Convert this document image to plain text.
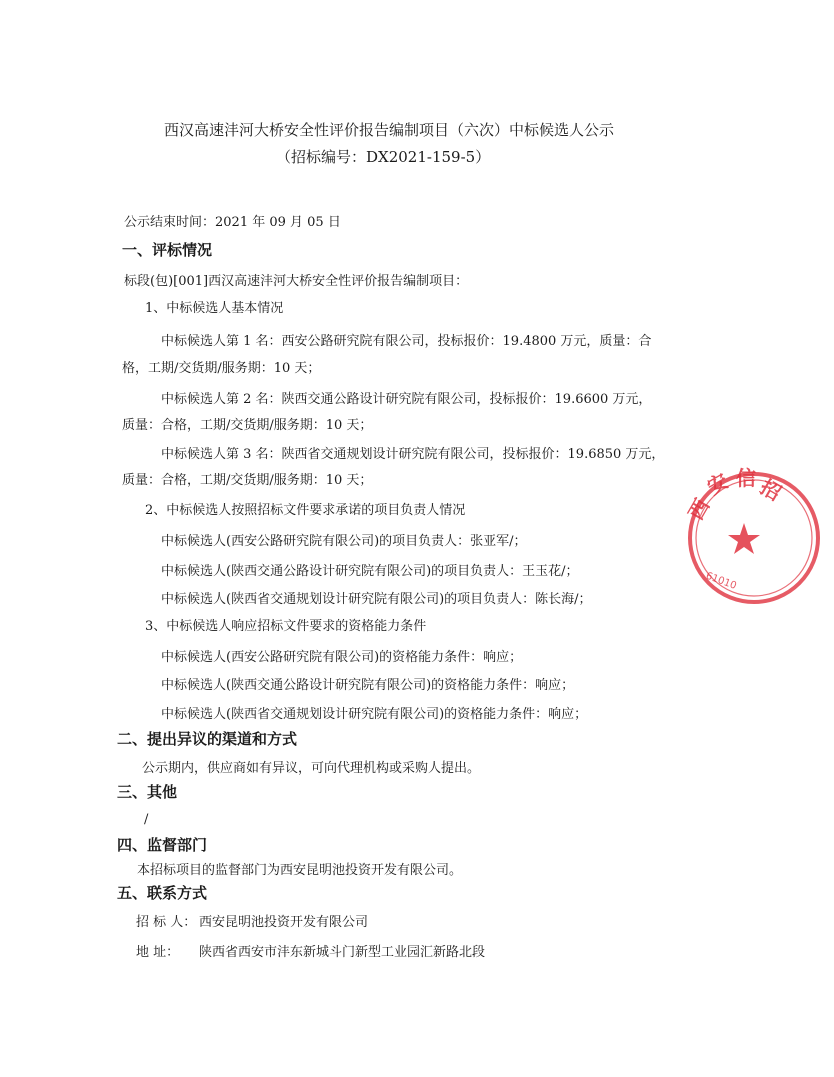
西汉高速沣河大桥安全性评价报告编制项目（六次）中标候选人公示
（招标编号：DX2021-159-5）
公示结束时间：2021 年 09 月 05 日
一、评标情况
标段(包)[001]西汉高速沣河大桥安全性评价报告编制项目：
1、中标候选人基本情况
中标候选人第 1 名：西安公路研究院有限公司，投标报价：19.4800 万元，质量：合
格，工期/交货期/服务期：10 天；
中标候选人第 2 名：陕西交通公路设计研究院有限公司，投标报价：19.6600 万元，
质量：合格，工期/交货期/服务期：10 天；
中标候选人第 3 名：陕西省交通规划设计研究院有限公司，投标报价：19.6850 万元，
质量：合格，工期/交货期/服务期：10 天；
2、中标候选人按照招标文件要求承诺的项目负责人情况
中标候选人(西安公路研究院有限公司)的项目负责人：张亚军/；
中标候选人(陕西交通公路设计研究院有限公司)的项目负责人：王玉花/；
中标候选人(陕西省交通规划设计研究院有限公司)的项目负责人：陈长海/；
3、中标候选人响应招标文件要求的资格能力条件
中标候选人(西安公路研究院有限公司)的资格能力条件：响应；
中标候选人(陕西交通公路设计研究院有限公司)的资格能力条件：响应；
中标候选人(陕西省交通规划设计研究院有限公司)的资格能力条件：响应；
二、提出异议的渠道和方式
公示期内，供应商如有异议，可向代理机构或采购人提出。
三、其他
/
四、监督部门
本招标项目的监督部门为西安昆明池投资开发有限公司。
五、联系方式
招 标 人： 西安昆明池投资开发有限公司
地 址： 陕西省西安市沣东新城斗门新型工业园汇新路北段
西
安 信 招
61010
